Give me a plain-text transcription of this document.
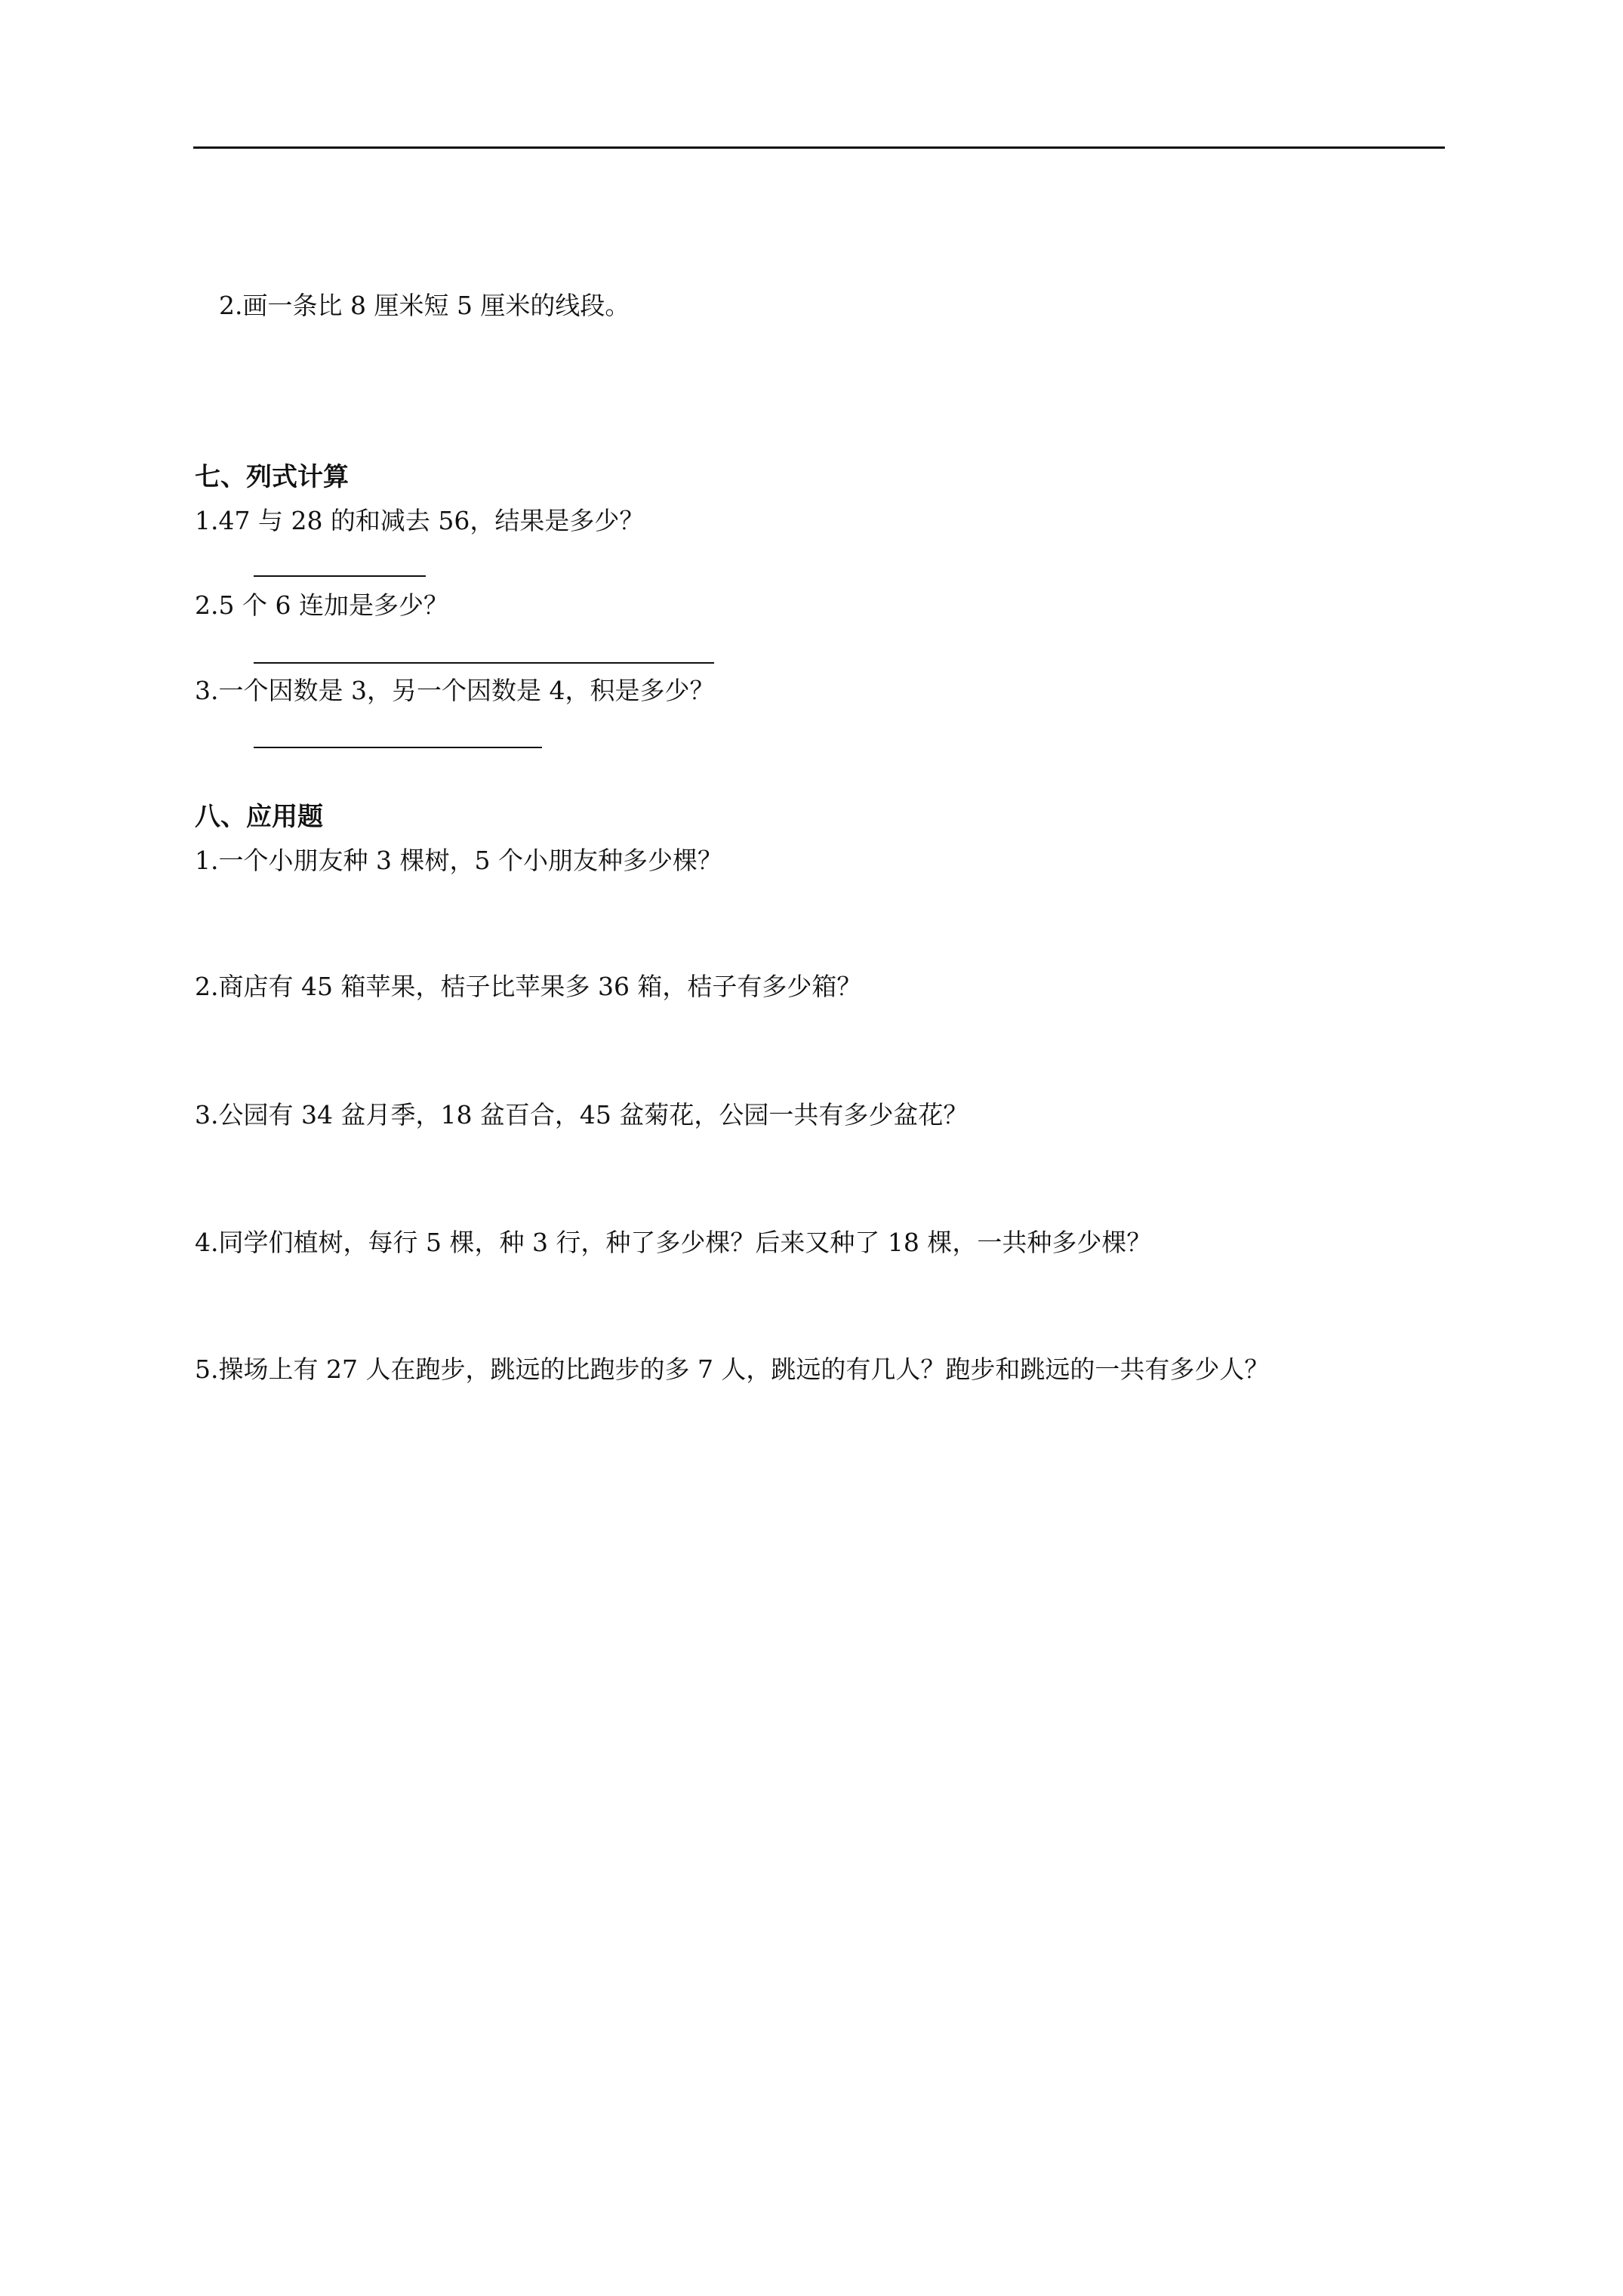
2.画一条比 8 厘米短 5 厘米的线段。
七、列式计算
1.47 与 28 的和减去 56，结果是多少？
2.5 个 6 连加是多少？
3.一个因数是 3，另一个因数是 4，积是多少？
八、应用题
1.一个小朋友种 3 棵树，5 个小朋友种多少棵？
2.商店有 45 箱苹果，桔子比苹果多 36 箱，桔子有多少箱？
3.公园有 34 盆月季，18 盆百合，45 盆菊花，公园一共有多少盆花？
4.同学们植树，每行 5 棵，种 3 行，种了多少棵？后来又种了 18 棵，一共种多少棵？
5.操场上有 27 人在跑步，跳远的比跑步的多 7 人，跳远的有几人？跑步和跳远的一共有多少人？
